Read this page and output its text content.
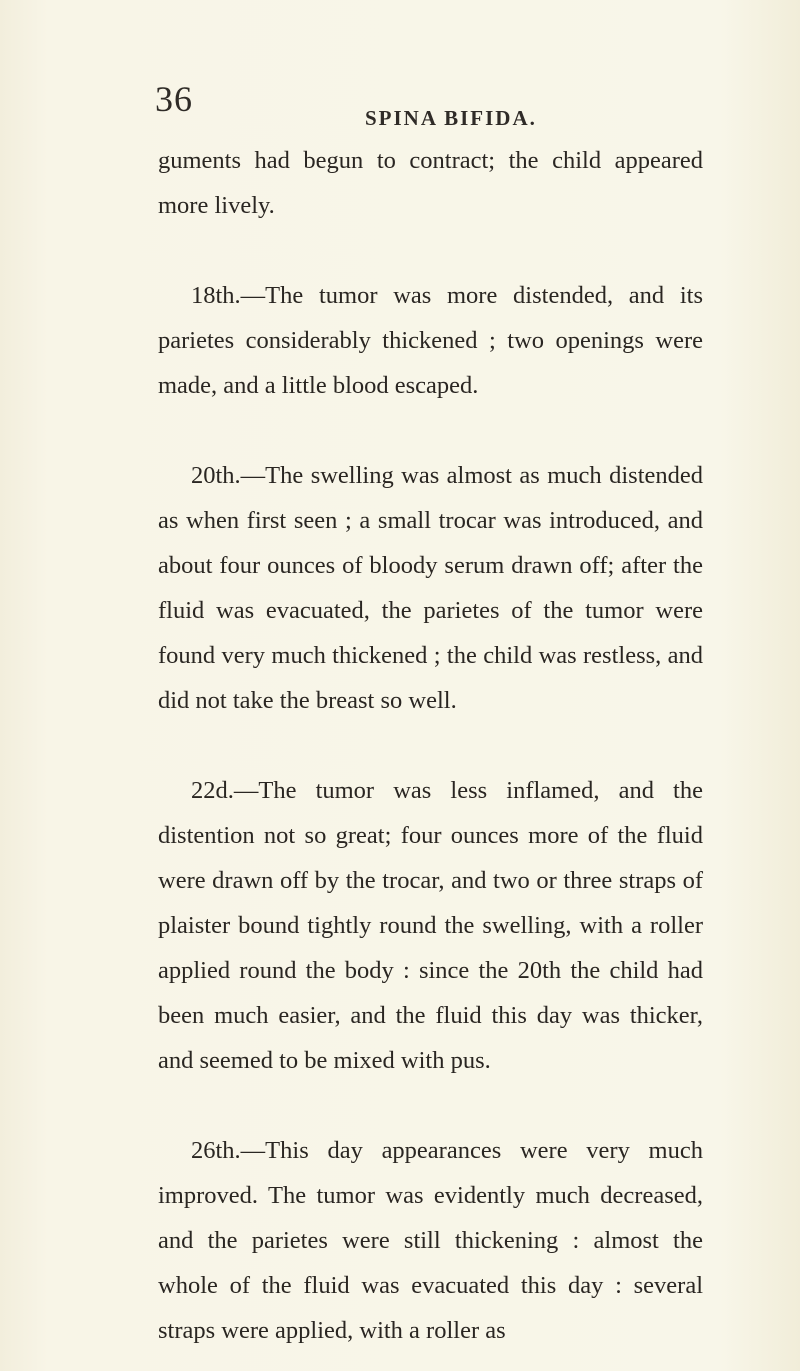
36	SPINA BIFIDA.

guments had begun to contract; the child appeared more lively.

18th.—The tumor was more distended, and its parietes considerably thickened ; two openings were made, and a little blood escaped.

20th.—The swelling was almost as much distended as when first seen ; a small trocar was introduced, and about four ounces of bloody serum drawn off; after the fluid was evacuated, the parietes of the tumor were found very much thickened ; the child was restless, and did not take the breast so well.

22d.—The tumor was less inflamed, and the distention not so great; four ounces more of the fluid were drawn off by the trocar, and two or three straps of plaister bound tightly round the swelling, with a roller applied round the body : since the 20th the child had been much easier, and the fluid this day was thicker, and seemed to be mixed with pus.

26th.—This day appearances were very much improved. The tumor was evidently much decreased, and the parietes were still thickening : almost the whole of the fluid was evacuated this day : several straps were applied, with a roller as
